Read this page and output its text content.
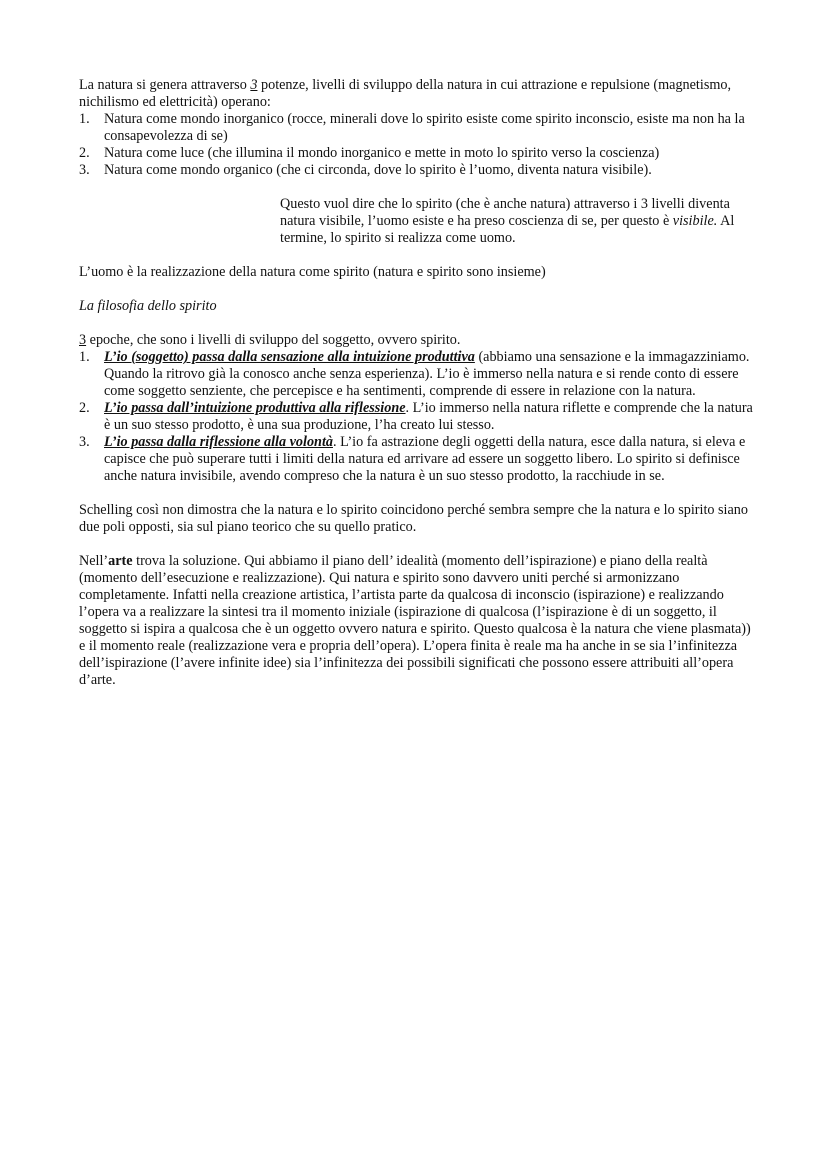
La natura si genera attraverso 3 potenze, livelli di sviluppo della natura in cui attrazione e repulsione (magnetismo, nichilismo ed elettricità) operano:

1. Natura come mondo inorganico (rocce, minerali dove lo spirito esiste come spirito inconscio, esiste ma non ha la consapevolezza di se)
2. Natura come luce (che illumina il mondo inorganico e mette in moto lo spirito verso la coscienza)
3. Natura come mondo organico (che ci circonda, dove lo spirito è l’uomo, diventa natura visibile).

Questo vuol dire che lo spirito (che è anche natura) attraverso i 3 livelli diventa natura visibile, l’uomo esiste e ha preso coscienza di se, per questo è visibile. Al termine, lo spirito si realizza come uomo.

L’uomo è la realizzazione della natura come spirito (natura e spirito sono insieme)

La filosofia dello spirito

3 epoche, che sono i livelli di sviluppo del soggetto, ovvero spirito.

1. L’io (soggetto) passa dalla sensazione alla intuizione produttiva (abbiamo una sensazione e la immagazziniamo. Quando la ritrovo già la conosco anche senza esperienza). L’io è immerso nella natura e si rende conto di essere come soggetto senziente, che percepisce e ha sentimenti, comprende di essere in relazione con la natura.
2. L’io passa dall’intuizione produttiva alla riflessione. L’io immerso nella natura riflette e comprende che la natura è un suo stesso prodotto, è una sua produzione, l’ha creato lui stesso.
3. L’io passa dalla riflessione alla volontà. L’io fa astrazione degli oggetti della natura, esce dalla natura, si eleva e capisce che può superare tutti i limiti della natura ed arrivare ad essere un soggetto libero. Lo spirito si definisce anche natura invisibile, avendo compreso che la natura è un suo stesso prodotto, la racchiude in se.

Schelling così non dimostra che la natura e lo spirito coincidono perché sembra sempre che la natura e lo spirito siano due poli opposti, sia sul piano teorico che su quello pratico.

Nell’arte trova la soluzione. Qui abbiamo il piano dell’ idealità (momento dell’ispirazione) e piano della realtà (momento dell’esecuzione e realizzazione). Qui natura e spirito sono davvero uniti perché si armonizzano completamente. Infatti nella creazione artistica, l’artista parte da qualcosa di inconscio (ispirazione) e realizzando l’opera va a realizzare la sintesi tra il momento iniziale (ispirazione di qualcosa (l’ispirazione è di un soggetto, il soggetto si ispira a qualcosa che è un oggetto ovvero natura e spirito. Questo qualcosa è la natura che viene plasmata)) e il momento reale (realizzazione vera e propria dell’opera). L’opera finita è reale ma ha anche in se sia l’infinitezza dell’ispirazione (l’avere infinite idee) sia l’infinitezza dei possibili significati che possono essere attribuiti all’opera d’arte.
